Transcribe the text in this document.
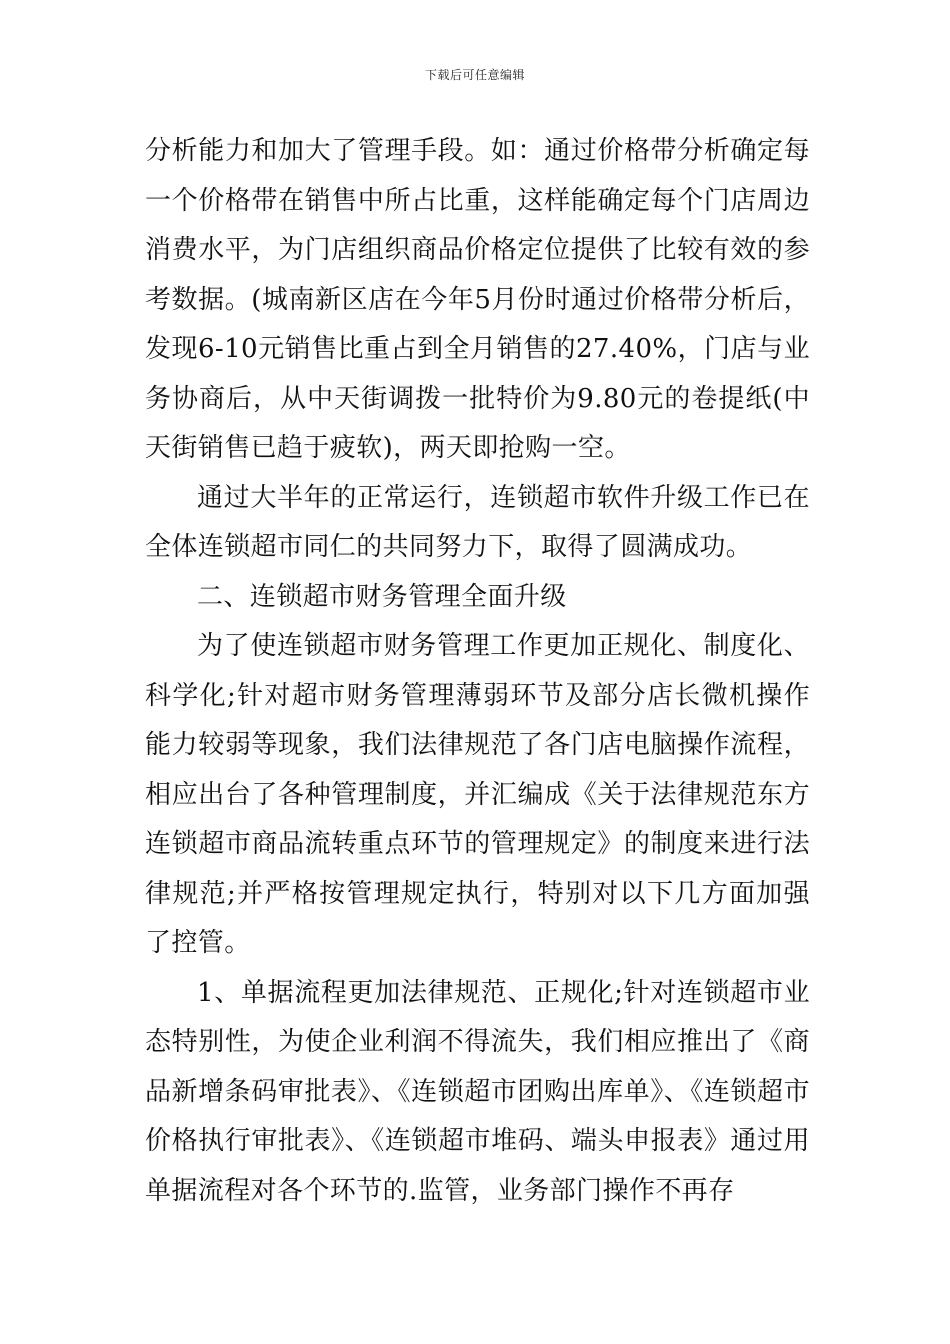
下载后可任意编辑

分析能力和加大了管理手段。如：通过价格带分析确定每一个价格带在销售中所占比重，这样能确定每个门店周边消费水平，为门店组织商品价格定位提供了比较有效的参考数据。(城南新区店在今年5月份时通过价格带分析后，发现6-10元销售比重占到全月销售的27.40%，门店与业务协商后，从中天街调拨一批特价为9.80元的卷提纸(中天街销售已趋于疲软)，两天即抢购一空。

通过大半年的正常运行，连锁超市软件升级工作已在全体连锁超市同仁的共同努力下，取得了圆满成功。

二、连锁超市财务管理全面升级

为了使连锁超市财务管理工作更加正规化、制度化、科学化;针对超市财务管理薄弱环节及部分店长微机操作能力较弱等现象，我们法律规范了各门店电脑操作流程，相应出台了各种管理制度，并汇编成《关于法律规范东方连锁超市商品流转重点环节的管理规定》的制度来进行法律规范;并严格按管理规定执行，特别对以下几方面加强了控管。

1、单据流程更加法律规范、正规化;针对连锁超市业态特别性，为使企业利润不得流失，我们相应推出了《商品新增条码审批表》、《连锁超市团购出库单》、《连锁超市价格执行审批表》、《连锁超市堆码、端头申报表》通过用单据流程对各个环节的.监管，业务部门操作不再存
